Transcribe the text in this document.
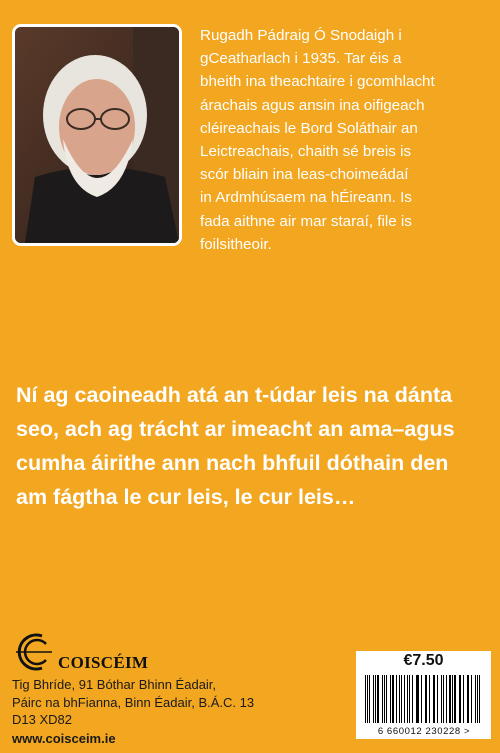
Rugadh Pádraig Ó Snodaigh i
gCeatharlach i 1935. Tar éis a
bheith ina theachtaire i gcomhlacht
árachais agus ansin ina oifigeach
cléireachais le Bord Soláthair an
Leictreachais, chaith sé breis is
scór bliain ina leas-choimeádaí
in Ardmhúsaem na hÉireann. Is
fada aithne air mar staraí, file is
foilsitheoir.

Ní ag caoineadh atá an t-údar leis na dánta
seo, ach ag trácht ar imeacht an ama–agus
cumha áirithe ann nach bhfuil dóthain den
am fágtha le cur leis, le cur leis…

COISCÉIM

Tig Bhríde, 91 Bóthar Bhinn Éadair,
Páirc na bhFianna, Binn Éadair, B.Á.C. 13
D13 XD82

www.coisceim.ie
€7.50
6 660012 230228 >
